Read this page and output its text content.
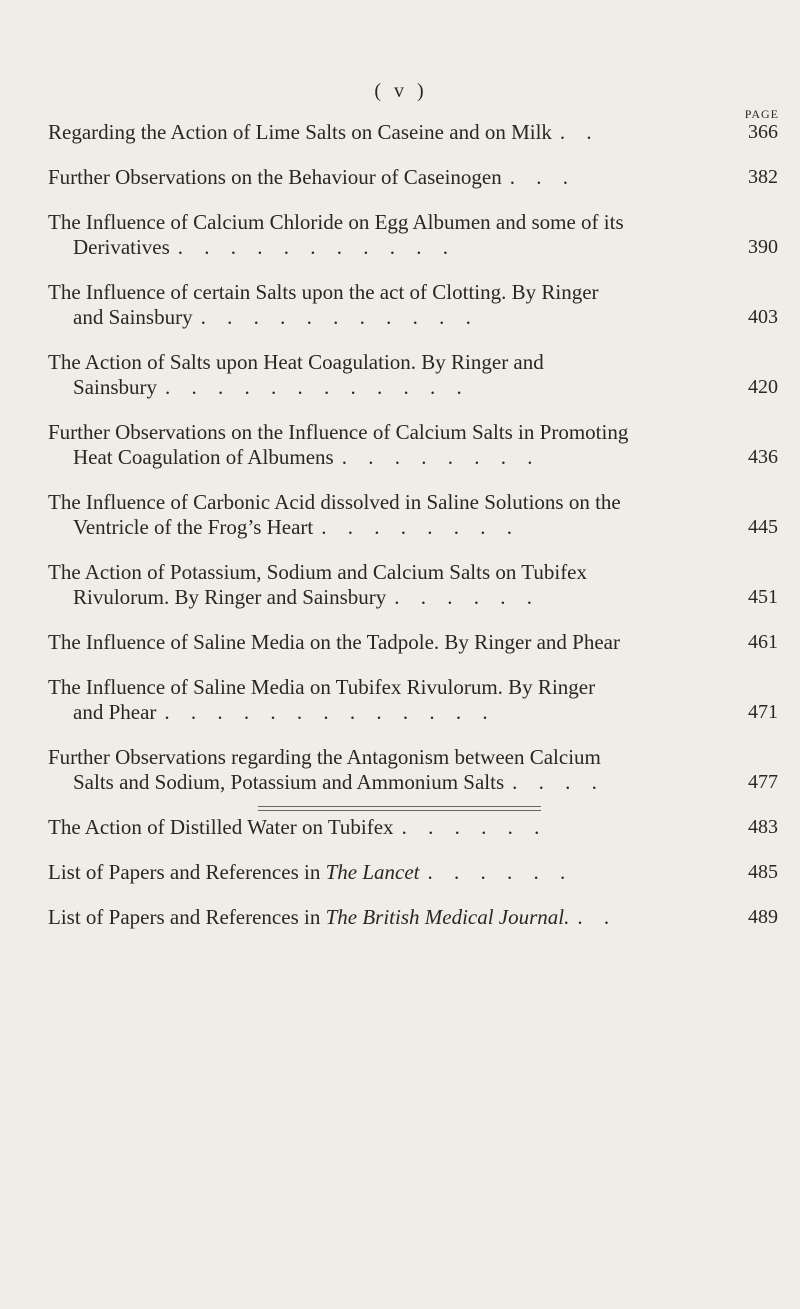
( v )
PAGE
Regarding the Action of Lime Salts on Caseine and on Milk . .	366
Further Observations on the Behaviour of Caseinogen . . .	382
The Influence of Calcium Chloride on Egg Albumen and some of its
Derivatives . . . . . . . . . . .	390
The Influence of certain Salts upon the act of Clotting. By Ringer
and Sainsbury . . . . . . . . . . .	403
The Action of Salts upon Heat Coagulation. By Ringer and
Sainsbury . . . . . . . . . . . .	420
Further Observations on the Influence of Calcium Salts in Promoting
Heat Coagulation of Albumens . . . . . . . .	436
The Influence of Carbonic Acid dissolved in Saline Solutions on the
Ventricle of the Frog’s Heart . . . . . . . .	445
The Action of Potassium, Sodium and Calcium Salts on Tubifex
Rivulorum. By Ringer and Sainsbury . . . . . .	451
The Influence of Saline Media on the Tadpole. By Ringer and Phear	461
The Influence of Saline Media on Tubifex Rivulorum. By Ringer
and Phear . . . . . . . . . . . . .	471
Further Observations regarding the Antagonism between Calcium
Salts and Sodium, Potassium and Ammonium Salts . . . .	477
The Action of Distilled Water on Tubifex . . . . . .	483
List of Papers and References in The Lancet . . . . . .	485
List of Papers and References in The British Medical Journal. . .	489
